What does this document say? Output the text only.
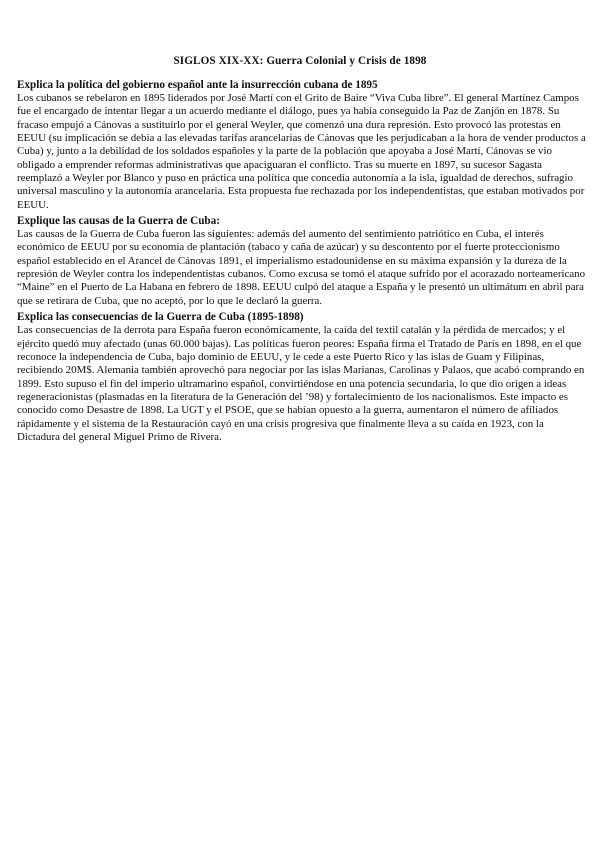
SIGLOS XIX-XX: Guerra Colonial y Crisis de 1898

Explica la política del gobierno español ante la insurrección cubana de 1895

Los cubanos se rebelaron en 1895 liderados por José Martí con el Grito de Baire “Viva Cuba libre”. El general Martínez Campos fue el encargado de intentar llegar a un acuerdo mediante el diálogo, pues ya había conseguido la Paz de Zanjón en 1878. Su fracaso empujó a Cánovas a sustituirlo por el general Weyler, que comenzó una dura represión. Esto provocó las protestas en EEUU (su implicación se debía a las elevadas tarifas arancelarias de Cánovas que les perjudicaban a la hora de vender productos a Cuba) y, junto a la debilidad de los soldados españoles y la parte de la población que apoyaba a José Martí, Cánovas se vio obligado a emprender reformas administrativas que apaciguaran el conflicto. Tras su muerte en 1897, su sucesor Sagasta reemplazó a Weyler por Blanco y puso en práctica una política que concedía autonomía a la isla, igualdad de derechos, sufragio universal masculino y la autonomía arancelaria. Esta propuesta fue rechazada por los independentistas, que estaban motivados por EEUU.

Explique las causas de la Guerra de Cuba:

Las causas de la Guerra de Cuba fueron las siguientes: además del aumento del sentimiento patriótico en Cuba, el interés económico de EEUU por su economía de plantación (tabaco y caña de azúcar) y su descontento por el fuerte proteccionismo español establecido en el Arancel de Cánovas 1891, el imperialismo estadounidense en su máxima expansión y la dureza de la represión de Weyler contra los independentistas cubanos. Como excusa se tomó el ataque sufrido por el acorazado norteamericano “Maine” en el Puerto de La Habana en febrero de 1898. EEUU culpó del ataque a España y le presentó un ultimátum en abril para que se retirara de Cuba, que no aceptó, por lo que le declaró la guerra.

Explica las consecuencias de la Guerra de Cuba (1895-1898)

Las consecuencias de la derrota para España fueron económicamente, la caída del textil catalán y la pérdida de mercados; y el ejército quedó muy afectado (unas 60.000 bajas). Las políticas fueron peores: España firma el Tratado de París en 1898, en el que reconoce la independencia de Cuba, bajo dominio de EEUU, y le cede a este Puerto Rico y las islas de Guam y Filipinas, recibiendo 20M$. Alemania también aprovechó para negociar por las islas Marianas, Carolinas y Palaos, que acabó comprando en 1899. Esto supuso el fin del imperio ultramarino español, convirtiéndose en una potencia secundaria, lo que dio origen a ideas regeneracionistas (plasmadas en la literatura de la Generación del ’98) y fortalecimiento de los nacionalismos. Este impacto es conocido como Desastre de 1898. La UGT y el PSOE, que se habían opuesto a la guerra, aumentaron el número de afiliados rápidamente y el sistema de la Restauración cayó en una crisis progresiva que finalmente lleva a su caída en 1923, con la Dictadura del general Miguel Primo de Rivera.
